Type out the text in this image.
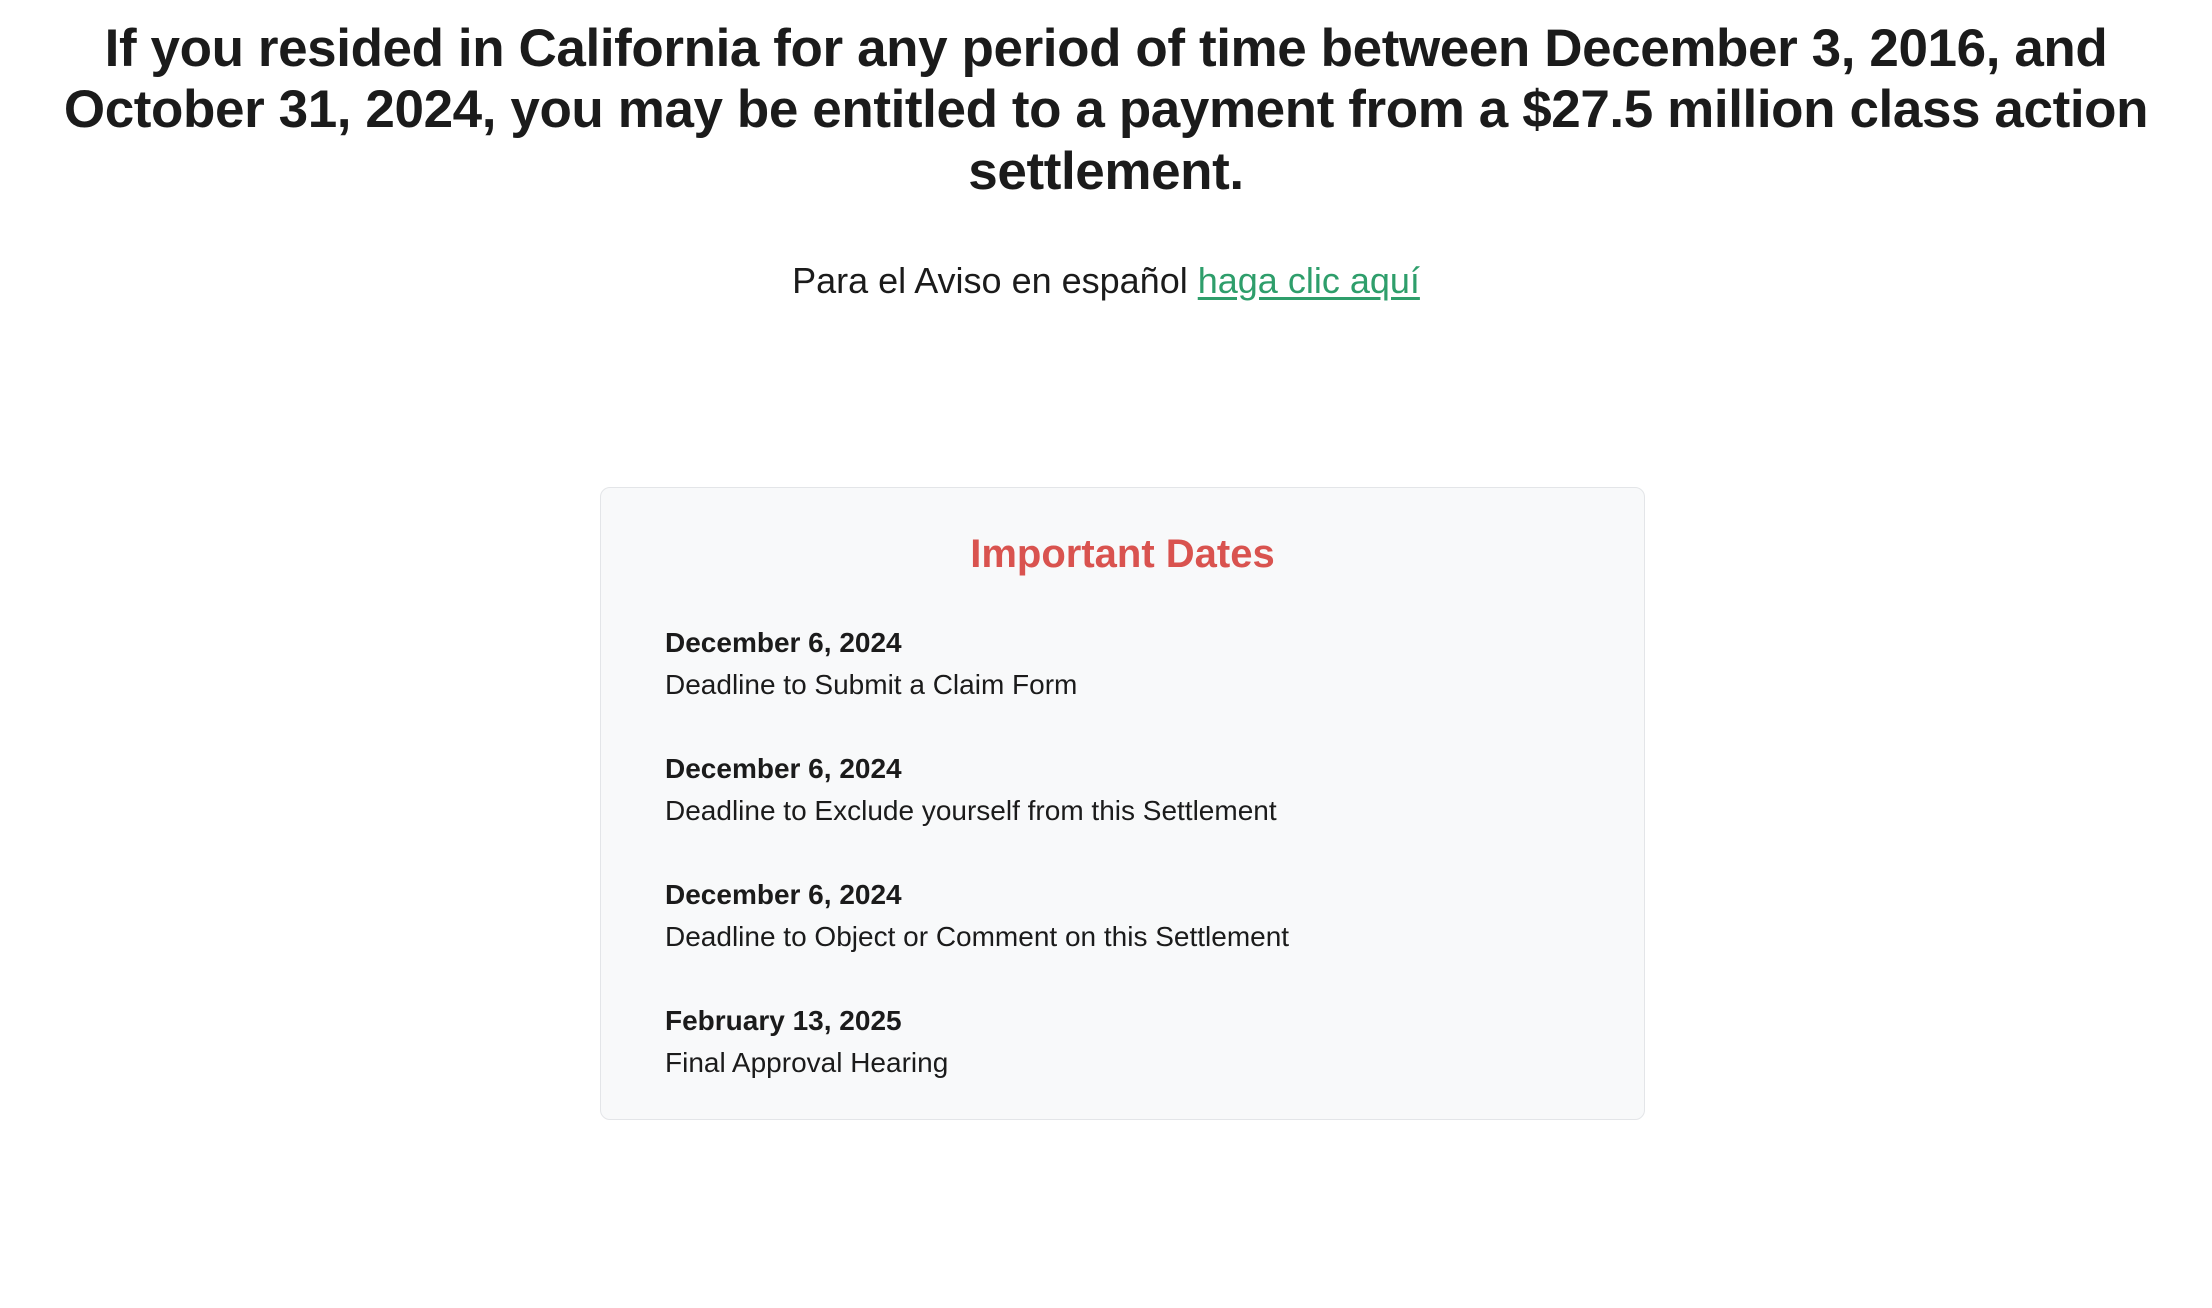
If you resided in California for any period of time between December 3, 2016, and October 31, 2024, you may be entitled to a payment from a $27.5 million class action settlement.
Para el Aviso en español haga clic aquí
Important Dates
December 6, 2024
Deadline to Submit a Claim Form
December 6, 2024
Deadline to Exclude yourself from this Settlement
December 6, 2024
Deadline to Object or Comment on this Settlement
February 13, 2025
Final Approval Hearing
